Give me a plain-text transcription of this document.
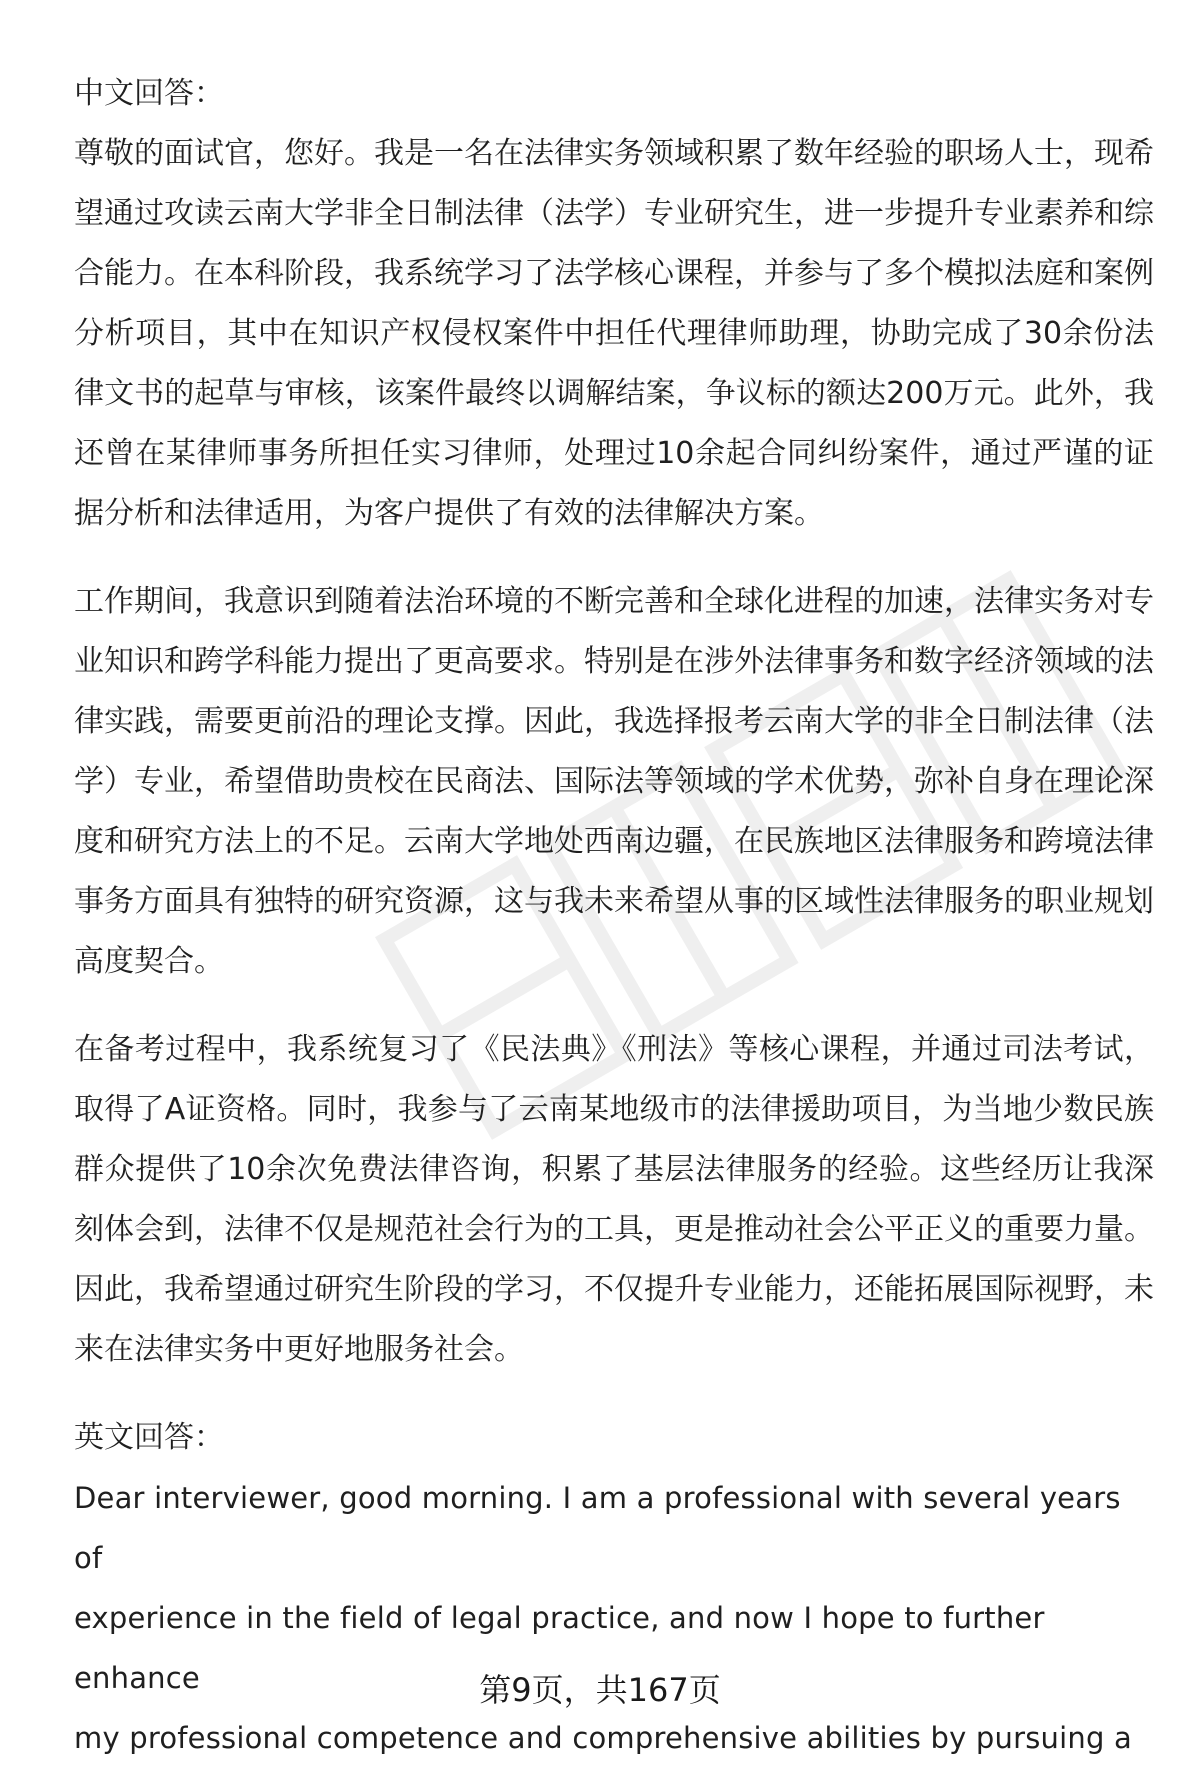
中文回答：

尊敬的面试官，您好。我是一名在法律实务领域积累了数年经验的职场人士，现希望通过攻读云南大学非全日制法律（法学）专业研究生，进一步提升专业素养和综合能力。在本科阶段，我系统学习了法学核心课程，并参与了多个模拟法庭和案例分析项目，其中在知识产权侵权案件中担任代理律师助理，协助完成了30余份法律文书的起草与审核，该案件最终以调解结案，争议标的额达200万元。此外，我还曾在某律师事务所担任实习律师，处理过10余起合同纠纷案件，通过严谨的证据分析和法律适用，为客户提供了有效的法律解决方案。

工作期间，我意识到随着法治环境的不断完善和全球化进程的加速，法律实务对专业知识和跨学科能力提出了更高要求。特别是在涉外法律事务和数字经济领域的法律实践，需要更前沿的理论支撑。因此，我选择报考云南大学的非全日制法律（法学）专业，希望借助贵校在民商法、国际法等领域的学术优势，弥补自身在理论深度和研究方法上的不足。云南大学地处西南边疆，在民族地区法律服务和跨境法律事务方面具有独特的研究资源，这与我未来希望从事的区域性法律服务的职业规划高度契合。

在备考过程中，我系统复习了《民法典》《刑法》等核心课程，并通过司法考试，取得了A证资格。同时，我参与了云南某地级市的法律援助项目，为当地少数民族群众提供了10余次免费法律咨询，积累了基层法律服务的经验。这些经历让我深刻体会到，法律不仅是规范社会行为的工具，更是推动社会公平正义的重要力量。因此，我希望通过研究生阶段的学习，不仅提升专业能力，还能拓展国际视野，未来在法律实务中更好地服务社会。

英文回答：

Dear interviewer, good morning. I am a professional with several years of
experience in the field of legal practice, and now I hope to further enhance
my professional competence and comprehensive abilities by pursuing a
第9页，共167页
